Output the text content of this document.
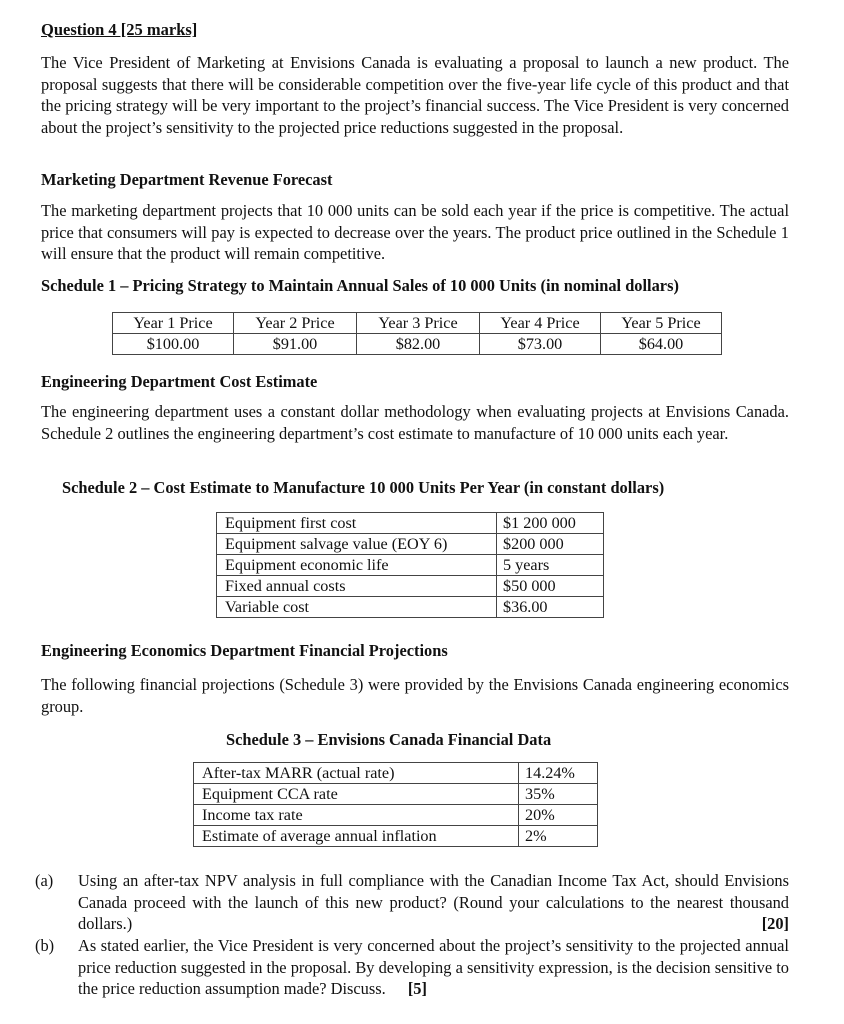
Question 4 [25 marks]

The Vice President of Marketing at Envisions Canada is evaluating a proposal to launch a new product. The proposal suggests that there will be considerable competition over the five-year life cycle of this product and that the pricing strategy will be very important to the project’s financial success. The Vice President is very concerned about the project’s sensitivity to the projected price reductions suggested in the proposal.

Marketing Department Revenue Forecast

The marketing department projects that 10 000 units can be sold each year if the price is competitive. The actual price that consumers will pay is expected to decrease over the years. The product price outlined in the Schedule 1 will ensure that the product will remain competitive.

Schedule 1 – Pricing Strategy to Maintain Annual Sales of 10 000 Units (in nominal dollars)
Year 1 Price	Year 2 Price	Year 3 Price	Year 4 Price	Year 5 Price
$100.00	$91.00	$82.00	$73.00	$64.00
Engineering Department Cost Estimate

The engineering department uses a constant dollar methodology when evaluating projects at Envisions Canada. Schedule 2 outlines the engineering department’s cost estimate to manufacture of 10 000 units each year.

Schedule 2 – Cost Estimate to Manufacture 10 000 Units Per Year (in constant dollars)
Equipment first cost	$1 200 000
Equipment salvage value (EOY 6)	$200 000
Equipment economic life	5 years
Fixed annual costs	$50 000
Variable cost	$36.00
Engineering Economics Department Financial Projections

The following financial projections (Schedule 3) were provided by the Envisions Canada engineering economics group.

Schedule 3 – Envisions Canada Financial Data
After-tax MARR (actual rate)	14.24%
Equipment CCA rate	35%
Income tax rate	20%
Estimate of average annual inflation	2%
(a) Using an after-tax NPV analysis in full compliance with the Canadian Income Tax Act, should Envisions Canada proceed with the launch of this new product? (Round your calculations to the nearest thousand dollars.)	[20]
(b) As stated earlier, the Vice President is very concerned about the project’s sensitivity to the projected annual price reduction suggested in the proposal. By developing a sensitivity expression, is the decision sensitive to the price reduction assumption made? Discuss. [5]
